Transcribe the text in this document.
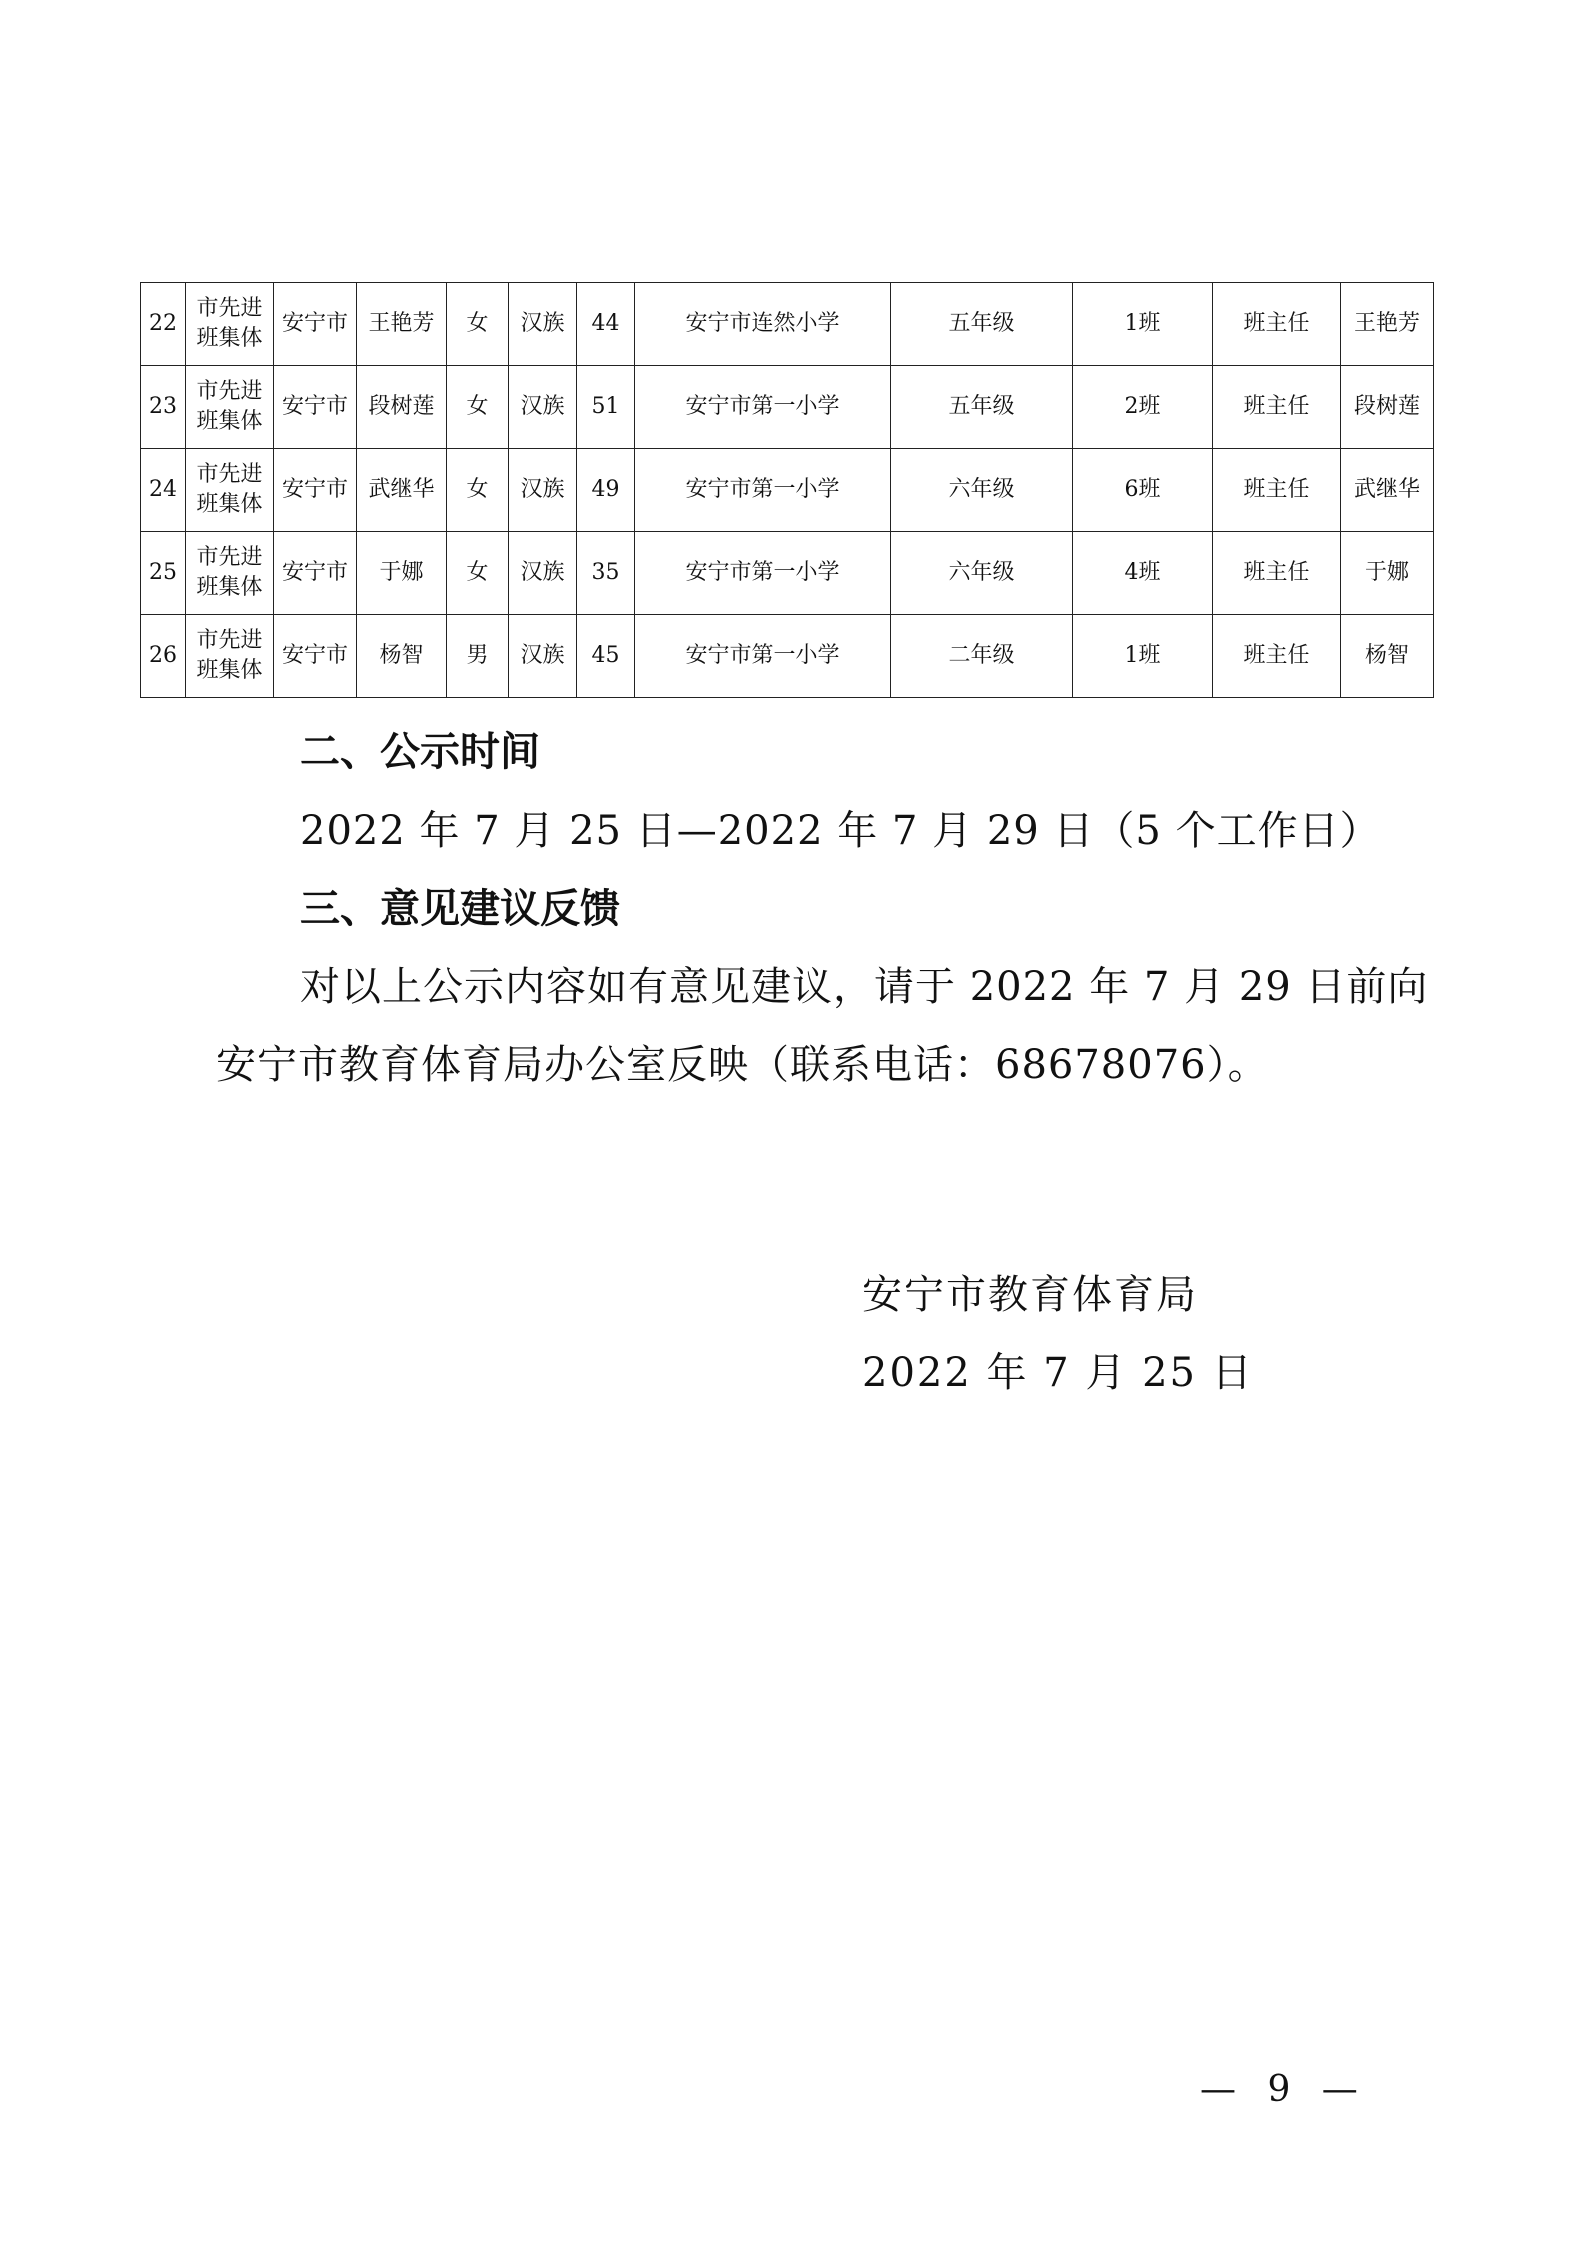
22	市先进班集体	安宁市	王艳芳	女	汉族	44	安宁市连然小学	五年级	1班	班主任	王艳芳
23	市先进班集体	安宁市	段树莲	女	汉族	51	安宁市第一小学	五年级	2班	班主任	段树莲
24	市先进班集体	安宁市	武继华	女	汉族	49	安宁市第一小学	六年级	6班	班主任	武继华
25	市先进班集体	安宁市	于娜	女	汉族	35	安宁市第一小学	六年级	4班	班主任	于娜
26	市先进班集体	安宁市	杨智	男	汉族	45	安宁市第一小学	二年级	1班	班主任	杨智
二、公示时间
2022 年 7 月 25 日—2022 年 7 月 29 日（5 个工作日）
三、意见建议反馈
对以上公示内容如有意见建议，请于 2022 年 7 月 29 日前向
安宁市教育体育局办公室反映（联系电话：68678076）。
安宁市教育体育局
2022 年 7 月 25 日
— 9 —
